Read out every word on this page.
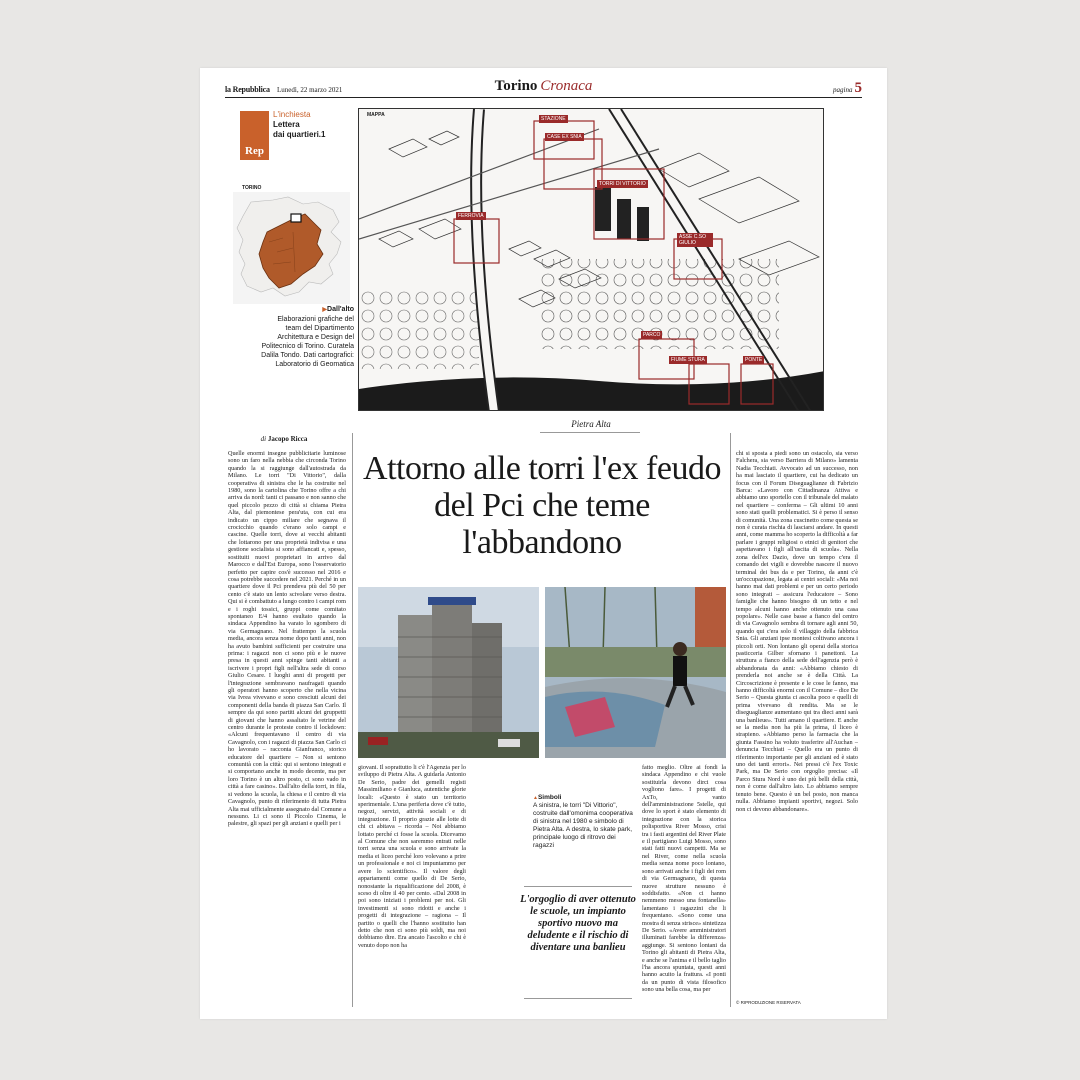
la Repubblica Lunedì, 22 marzo 2021	Torino Cronaca	pagina 5
Rep
L'inchiesta
Lettera
dai quartieri.1
TORINO
▶ Dall'alto
Elaborazioni grafiche del team del Dipartimento Architettura e Design del Politecnico di Torino. Curatela Dalila Tondo. Dati cartografici: Laboratorio di Geomatica
MAPPA
STAZIONE
CASE EX SNIA
TORRI DI VITTORIO
FERROVIA
ASSE C.SO GIULIO
PARCO
FIUME STURA	PONTE
Pietra Alta
di Jacopo Ricca
Quelle enormi insegne pubblicitarie luminose sono un faro nella nebbia che circonda Torino quando la si raggiunge dall'autostrada da Milano. Le torri "Di Vittorio", dalla cooperativa di sinistra che le ha costruite nel 1980, sono la cartolina che Torino offre a chi arriva da nord: tanti ci passano e non sanno che quel piccolo pezzo di città si chiama Pietra Alta, dal piemontese pera'uta, con cui era indicato un cippo miliare che segnava il crocicchio quando c'erano solo campi e cascine. Quelle torri, dove ai vecchi abitanti che lottarono per una proprietà indivisa e una gestione socialista si sono affiancati e, spesso, sostituiti nuovi proprietari in arrivo dal Marocco e dall'Est Europa, sono l'osservatorio perfetto per capire cos'è successo nel 2016 e cosa potrebbe succedere nel 2021. Perché in un quartiere dove il Pci prendeva più del 50 per cento c'è stato un lento scivolare verso destra. Qui si è combattuto a lungo contro i campi rom e i roghi tossici, gruppi come comitato spontaneo E/4 hanno esultato quando la sindaca Appendino ha varato lo sgombero di via Germagnano. Nel frattempo la scuola media, ancora senza nome dopo tanti anni, non ha avuto bambini sufficienti per costruire una prima: i ragazzi non ci sono più e le nuove presa in questi anni spinge tanti abitanti a iscrivere i propri figli nell'altra sede di corso Giulio Cesare. I luoghi anni di progetti per l'integrazione sembravano naufragati quando gli operatori hanno scoperto che nella vicina via Ivrea vivevano e sono cresciuti alcuni dei componenti della banda di piazza San Carlo. Il sempre da qui sono partiti alcuni dei gruppetti di giovani che hanno assaltato le vetrine del centro durante le proteste contro il lockdown: «Alcuni frequentavano il centro di via Cavagnolo, con i ragazzi di piazza San Carlo ci ho lavorato – racconta Gianfranco, storico educatore del quartiere – Non si sentono comunità con la città: qui si sentono integrati e si comportano anche in modo decente, ma per loro Torino è un altro posto, ci sono vado in città a fare casino». Dall'alto della torri, in fila, si vedono la scuola, la chiesa e il centro di via Cavagnolo, punto di riferimento di tutta Pietra Alta mai ufficialmente assegnato dal Comune a nessuno. Li ci sono il Piccolo Cinema, le palestre, gli spazi per gli anziani e quelli per i
Attorno alle torri l'ex feudo del Pci che teme l'abbandono
giovani. Il soprattutto li c'è l'Agenzia per lo sviluppo di Pietra Alta. A guidarla Antonio De Serio, padre dei gemelli registi Massimiliano e Gianluca, autentiche glorie locali: «Questo è stato un territorio sperimentale. L'una periferia dove c'è tutto, negozi, servizi, attività sociali e di integrazione. Il proprio grazie alle lotte di chi ci abitava – ricorda – Noi abbiamo lottato perché ci fosse la scuola. Dicevamo al Comune che non saremmo entrati nelle torri senza una scuola e sono arrivate la media ei liceo perché loro volevano a prire un professionale e noi ci impuntammo per avere lo scientifico». Il valore degli appartamenti come quello di De Serio, nonostante la riqualificazione del 2008, è sceso di oltre il 40 per cento. «Dal 2008 in poi sono iniziati i problemi per noi. Gli investimenti si sono ridotti e anche i progetti di integrazione – ragiona – Il partito o quelli che l'hanno sostituito han detto che non ci sono più soldi, ma noi dobbiamo dire. Era ancato l'ascolto e chi è venuto dopo non ha
▲ Simboli
A sinistra, le torri "Di Vittorio", costruite dall'omonima cooperativa di sinistra nel 1980 e simbolo di Pietra Alta. A destra, lo skate park, principale luogo di ritrovo dei ragazzi
L'orgoglio di aver ottenuto le scuole, un impianto sportivo nuovo ma deludente e il rischio di diventare una banlieu
fatto meglio. Oltre ai fondi la sindaca Appendino e chi vuole sostituirla devono dirci cosa vogliono fare». I progetti di AxTo, vanto dell'amministrazione 5stelle, qui dove lo sport è stato elemento di integrazione con la storica polisportiva River Mosso, crisi tra i fasti argentini del River Plate e il partigiano Luigi Mosso, sono stati fatti nuovi campetti. Ma se nel River, come nella scuola media senza nome poco lontano, sono arrivati anche i figli dei rom di via Germagnano, di questa nuove strutture nessuno è soddisfatto. «Non ci hanno nemmeno messo una fontanella» lamentano i ragazzini che li frequentano. «Sono come una mostra di senza strisce» sintetizza De Serio. «Avere amministratori illuminati farebbe la differenza» aggiunge. Si sentono lontani da Torino gli abitanti di Pietra Alta, e anche se l'anima e il bello taglio l'ha ancora spuntata, questi anni hanno acuito la frattura. «I ponti da un punto di vista filosofico sono una bella cosa, ma per
chi si sposta a piedi sono un ostacolo, sia verso Falchera, sia verso Barriera di Milano» lamenta Nadia Tecchiati. Avvocato ad un successo, non ha mai lasciato il quartiere, cui ha dedicato un focus con il Forum Diseguaglianze di Fabrizio Barca: «Lavoro con Cittadinanza Attiva e abbiamo uno sportello con il tribunale del malato nel quartiere – conferma – Gli ultimi 10 anni sono stati quelli problematici. Si è perso il senso di comunità. Una zona cuscinetto come questa se non è curata rischia di lasciarsi andare. In questi anni, come mamma ho scoperto la difficoltà a far parlare i gruppi religiosi o etnici di genitori che aspettavano i figli all'uscita di scuola». Nella zona dell'ex Dazio, dove un tempo c'era il comando dei vigili e dovrebbe nascere il nuovo terminal dei bus da e per Torino, da anni c'è un'occupazione, legata ai centri sociali: «Ma noi hanno mai dati problemi e per un certo periodo sono integrati – assicura l'educatore – Sono famiglie che hanno bisogno di un tetto e nel tempo alcuni hanno anche ottenuto una casa popolare». Nelle case basse a fianco del centro di via Cavagnolo sembra di tornare agli anni 50, quando qui c'era solo il villaggio della fabbrica Snia. Gli anziani ipse montesi coltivano ancora i piccoli orti. Non lontano gli operai della storica pasticceria Gilber sfornano i panettoni. La struttura a fianco della sede dell'agenzia però è abbandonata da anni: «Abbiamo chiesto di prenderla noi anche se è della Città. La Circoscrizione è presente e le cose le fanno, ma hanno difficoltà enormi con il Comune – dice De Serio – Questa giunta ci ascolta poco e quelli di prima vivevano di rendita. Ma se le diseguaglianze aumentano qui tra dieci anni sarà una banlieue». Tutti amano il quartiere. E anche se la media non ha più la prima, il liceo è strapieno. «Abbiamo perso la farmacia che la giunta Fassino ha voluto trasferire all'Auchan – denuncia Tecchiati – Quello era un punto di riferimento importante per gli anziani ed è stato uno dei tanti errori». Nei pressi c'è l'ex Toxic Park, ma De Serio con orgoglio precisa: «Il Parco Stura Nord è uno dei più belli della città, non è come dall'altro lato. Lo abbiamo sempre tenuto bene. Questo è un bel posto, non manca nulla. Abbiamo impianti sportivi, negozi. Solo non ci devono abbandonare».
© RIPRODUZIONE RISERVATA
